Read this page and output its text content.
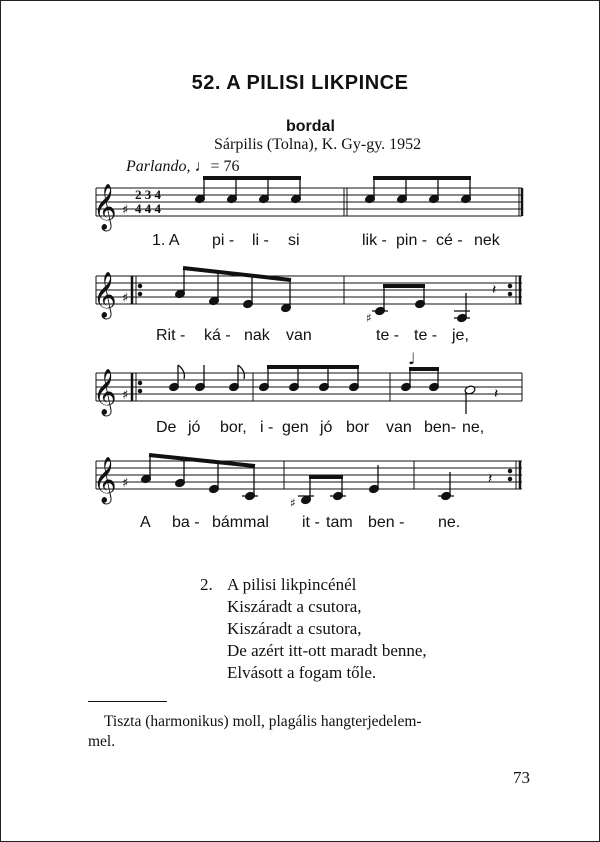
52. A PILISI LIKPINCE
bordal
Sárpilis (Tolna), K. Gy-gy. 1952
Parlando, ♩= 76
𝄞
𝄞
𝄞
𝄞
♯
♯
♯
♯
2 3 4
4 4 4
♯
𝄽
♩
𝄽
♯
𝄽
1. A pi - li - si	lik - pin - cé - nek
Rit - ká - nak van	te - te - je,
De jó bor, i - gen jó bor van ben- ne,
A ba - bámmal it - tam ben - ne.
2. A pilisi likpincénél
Kiszáradt a csutora,
Kiszáradt a csutora,
De azért itt-ott maradt benne,
Elvásott a fogam tőle.
Tiszta (harmonikus) moll, plagális hangterjedelem-
mel.
73
